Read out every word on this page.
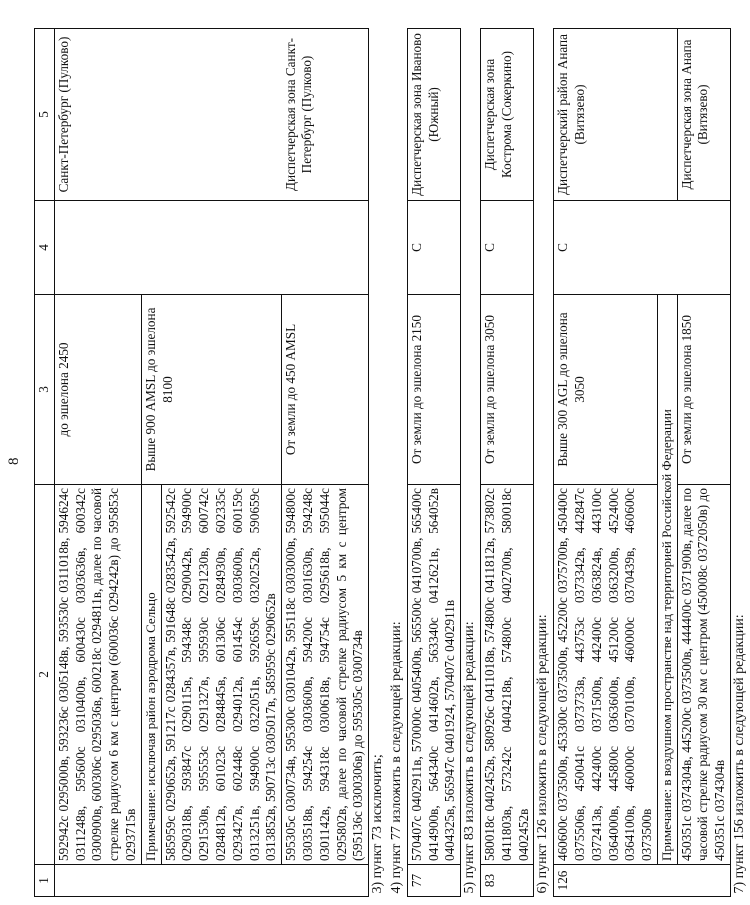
8
1	2	3	4	5
	592942с 0295000в, 593236с 0305148в, 593530с 0311018в, 594624с 0311248в, 595600с 0310400в, 600430с 0303636в, 600342с 0300900в, 600306с 0295036в, 600218с 0294811в, далее по часовой стрелке радиусом 6 км с центром (600036с 0294242в) до 595853с 0293715в	до эшелона 2450		Санкт-Петербург (Пулково)
	Примечание: исключая район аэродрома Сельцо	Выше 900 AMSL до эшелона 8100		
	585959с 0290652в, 591217с 0284357в, 591648с 0283542в, 592542с 0290318в, 593847с 0290115в, 594348с 0290042в, 594900с 0291530в, 595553с 0291327в, 595930с 0291230в, 600742с 0284812в, 601023с 0284845в, 601306с 0284930в, 602335с 0293427в, 602448с 0294012в, 601454с 0303600в, 600159с 0313251в, 594900с 0322051в, 592659с 0320252в, 590659с 0313852в, 590713с 0305017в, 585959с 0290652в			
	595305с 0300734в, 595300с 0301042в, 595118с 0303000в, 594800с 0303518в, 594254с 0303600в, 594200с 0301630в, 594248с 0301142в, 594318с 0300618в, 594754с 0295618в, 595044с 0295802в, далее по часовой стрелке радиусом 5 км с центром (595136с 0300306в) до 595305с 0300734в	От земли до 450 AMSL		Диспетчерская зона Санкт-Петербург (Пулково)
3) пункт 73 исключить;				
4) пункт 77 изложить в следующей редакции:				
77	570407с 0402911в, 570000с 0405400в, 565500с 0410700в, 565400с 0414900в, 564340с 0414602в, 563340с 0412621в, 564052в 0404325в, 565947с 0401924, 570407с 0402911в	От земли до эшелона 2150	С	Диспетчерская зона Иваново (Южный)
5) пункт 83 изложить в следующей редакции:				
83	580018с 0402452в, 580926с 0411018в, 574800с 0411812в, 573802с 0411803в, 573242с 0404218в, 574800с 0402700в, 580018с 0402452в	От земли до эшелона 3050	С	Диспетчерская зона Кострома (Сокеркино)
6) пункт 126 изложить в следующей редакции:				
126	460600с 0373500в, 453300с 0373500в, 452200с 0375700в, 450400с 0375506в, 450041с 0373733в, 443753с 0373342в, 442847с 0372413в, 442400с 0371500в, 442400с 0363824в, 443100с 0364000в, 445800с 0363600в, 451200с 0363200в, 452400с 0364100в, 460000с 0370100в, 460000с 0370439в, 460600с 0373500в	Выше 300 AGL до эшелона 3050	С	Диспетчерский район Анапа (Витязево)
	Примечание: в воздушном пространстве над территорией Российской Федерации			
	450351с 0374304в, 445200с 0373500в, 444400с 0371900в, далее по часовой стрелке радиусом 30 км с центром (450008с 0372050в) до 450351с 0374304в	От земли до эшелона 1850		Диспетчерская зона Анапа (Витязево)
7) пункт 156 изложить в следующей редакции:				
